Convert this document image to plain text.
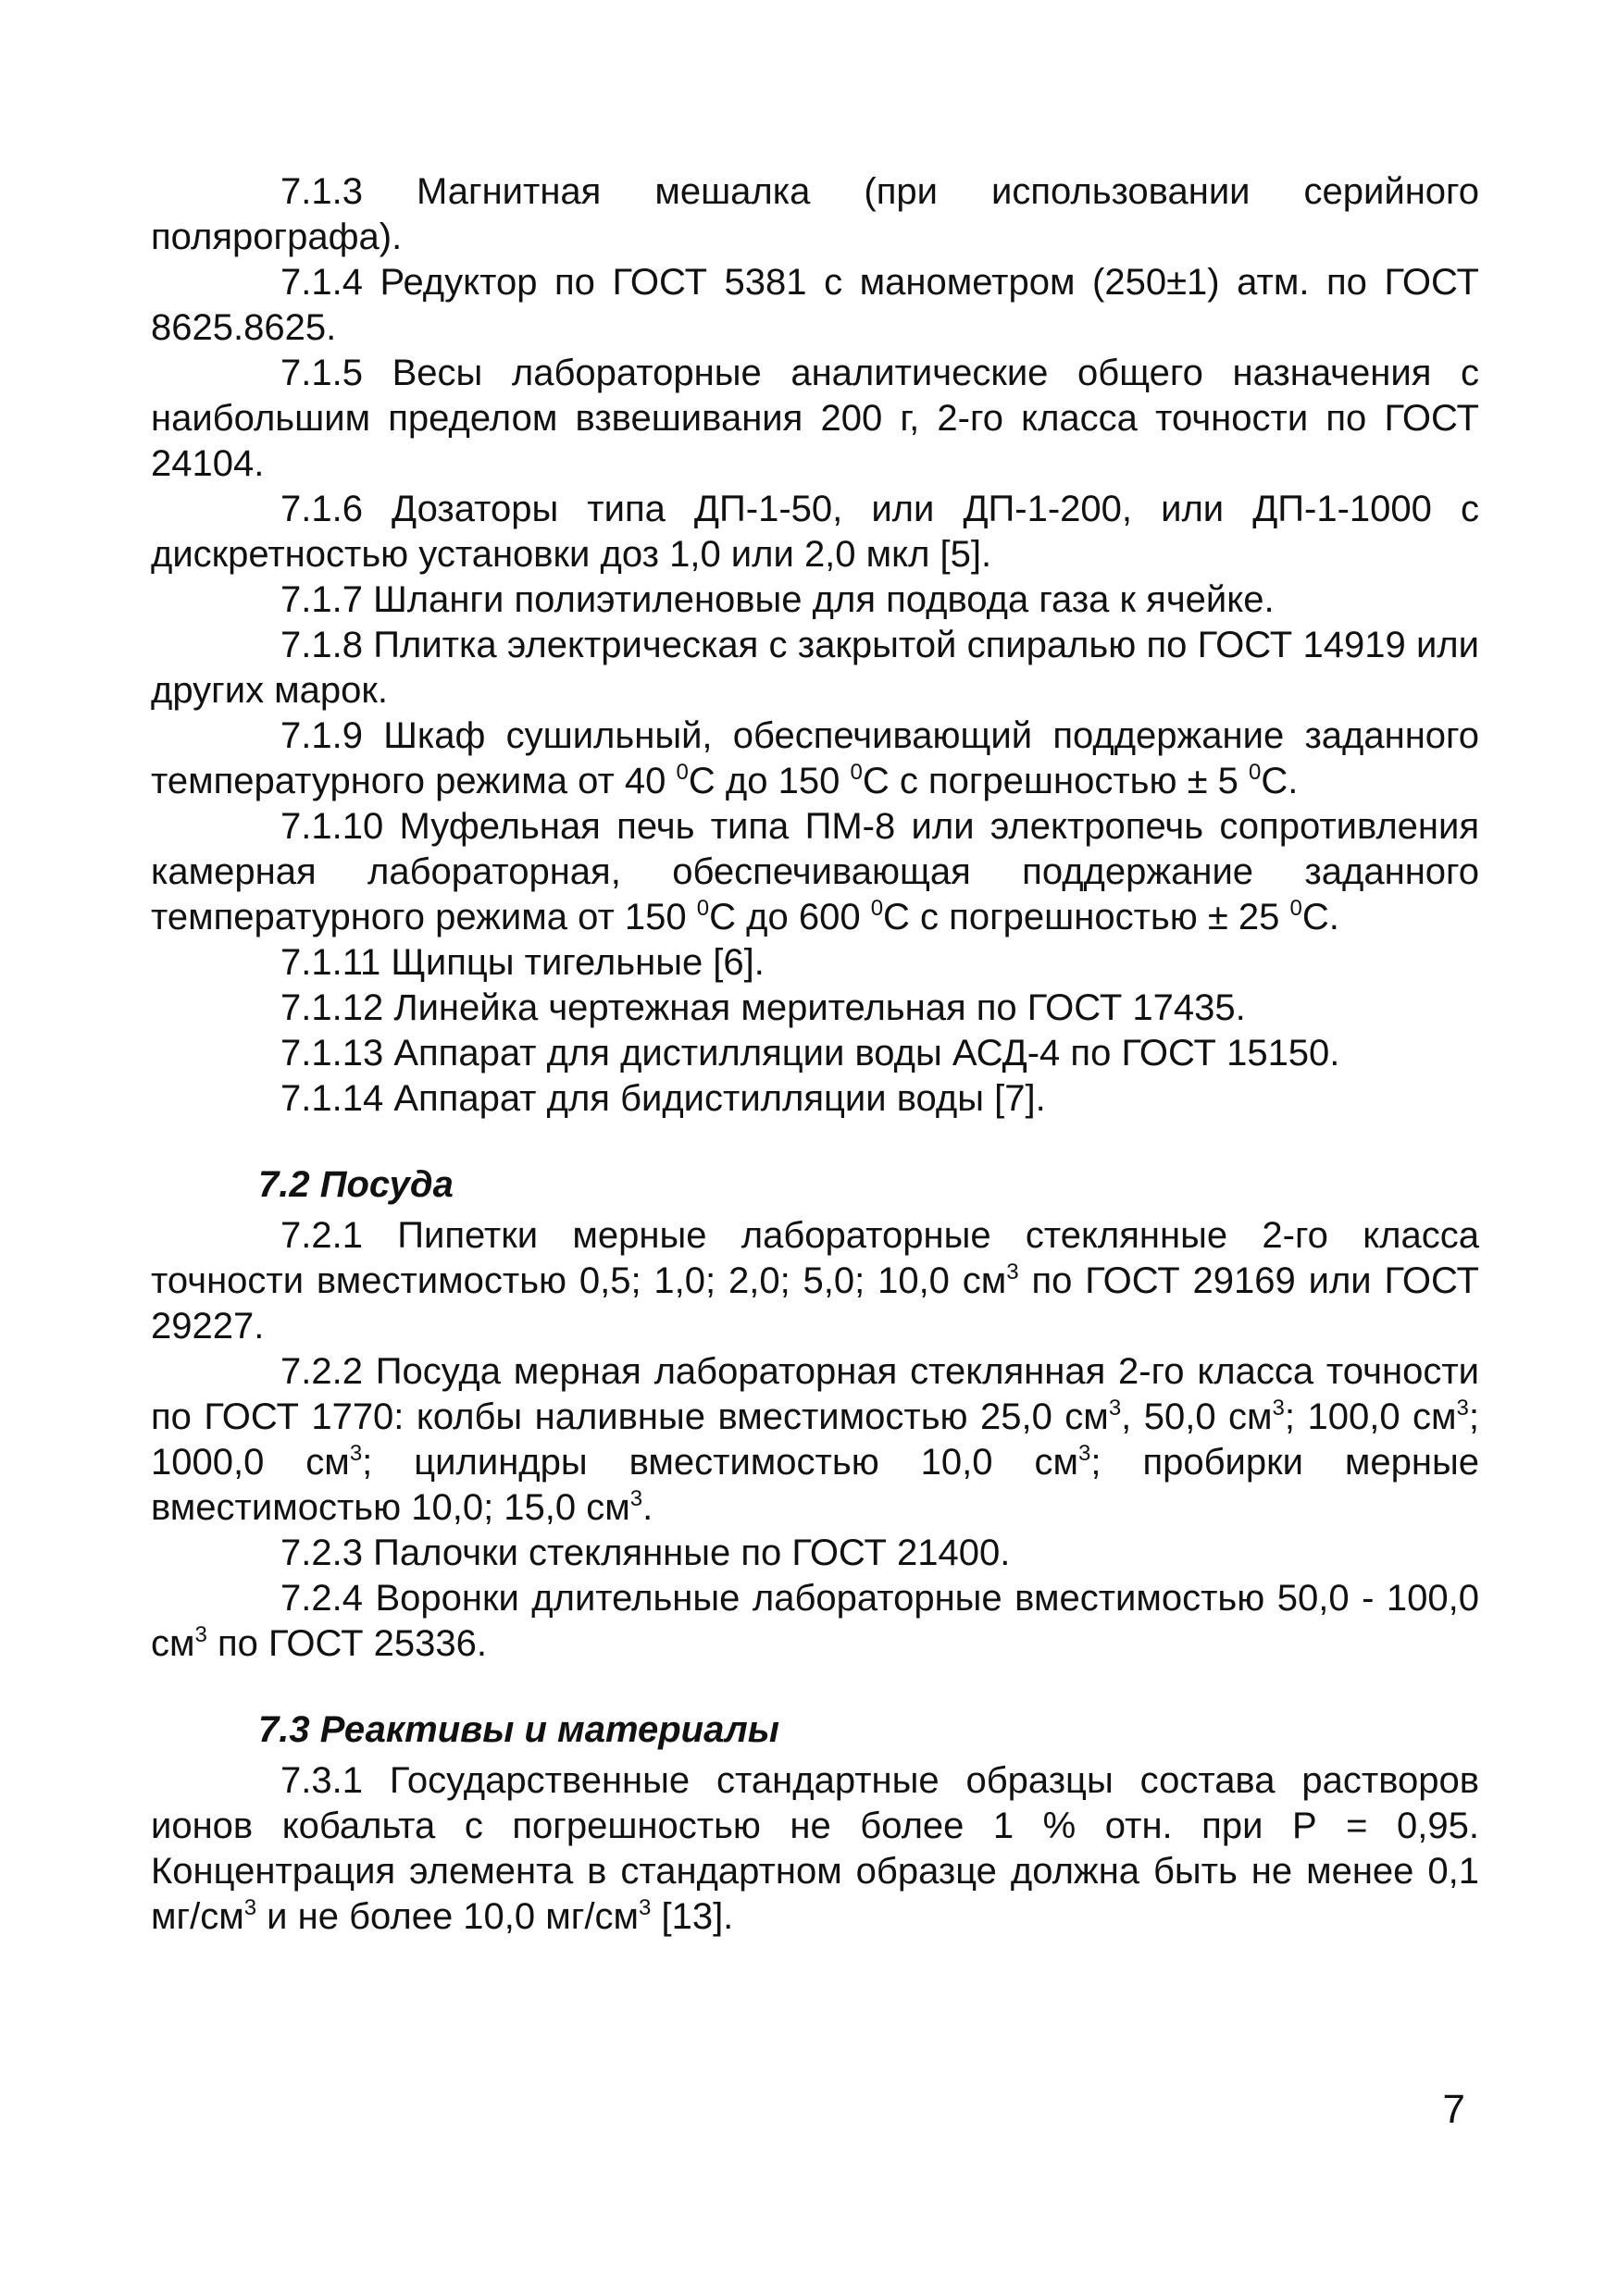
7.1.3 Магнитная мешалка (при использовании серийного полярографа).

7.1.4 Редуктор по ГОСТ 5381 с манометром (250±1) атм. по ГОСТ 8625.8625.

7.1.5 Весы лабораторные аналитические общего назначения с наибольшим пределом взвешивания 200 г, 2-го класса точности по ГОСТ 24104.

7.1.6 Дозаторы типа ДП-1-50, или ДП-1-200, или ДП-1-1000 с дискретностью установки доз 1,0 или 2,0 мкл [5].

7.1.7 Шланги полиэтиленовые для подвода газа к ячейке.

7.1.8 Плитка электрическая с закрытой спиралью по ГОСТ 14919 или других марок.

7.1.9 Шкаф сушильный, обеспечивающий поддержание заданного температурного режима от 40 $^0$С до 150 $^0$С с погрешностью ± 5 $^0$С.

7.1.10 Муфельная печь типа ПМ-8 или электропечь сопротивления камерная лабораторная, обеспечивающая поддержание заданного температурного режима от 150 $^0$С до 600 $^0$С с погрешностью ± 25 $^0$С.

7.1.11 Щипцы тигельные [6].

7.1.12 Линейка чертежная мерительная по ГОСТ 17435.

7.1.13 Аппарат для дистилляции воды АСД-4 по ГОСТ 15150.

7.1.14 Аппарат для бидистилляции воды [7].

7.2 Посуда

7.2.1 Пипетки мерные лабораторные стеклянные 2-го класса точности вместимостью 0,5; 1,0; 2,0; 5,0; 10,0 $см^3$ по ГОСТ 29169 или ГОСТ 29227.

7.2.2 Посуда мерная лабораторная стеклянная 2-го класса точности по ГОСТ 1770: колбы наливные вместимостью 25,0 $см^3$, 50,0 $см^3$; 100,0 $см^3$; 1000,0 $см^3$; цилиндры вместимостью 10,0 $см^3$; пробирки мерные вместимостью 10,0; 15,0 $см^3$.

7.2.3 Палочки стеклянные по ГОСТ 21400.

7.2.4 Воронки длительные лабораторные вместимостью 50,0 - 100,0 $см^3$ по ГОСТ 25336.

7.3 Реактивы и материалы

7.3.1 Государственные стандартные образцы состава растворов ионов кобальта с погрешностью не более 1 % отн. при Р = 0,95. Концентрация элемента в стандартном образце должна быть не менее 0,1 $мг/см^3$ и не более 10,0 $мг/см^3$ [13].

7
